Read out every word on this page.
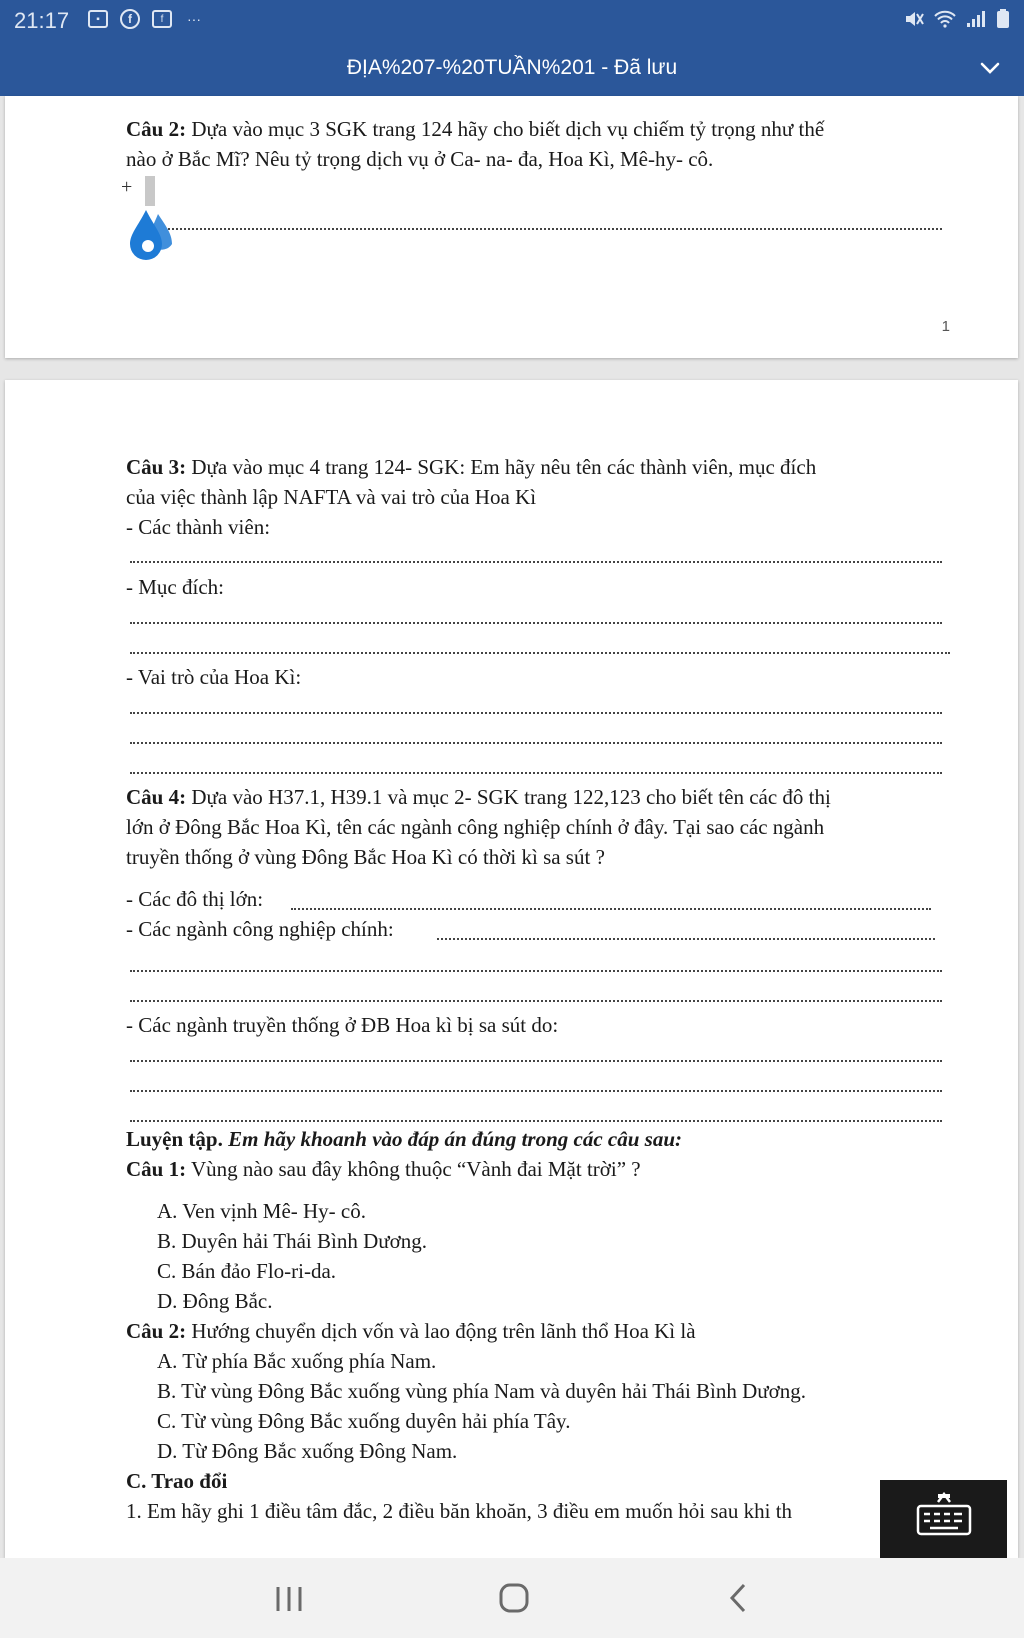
21:17	▪	f	f	···
ĐỊA%207-%20TUẦN%201 - Đã lưu
Câu 2: Dựa vào mục 3 SGK trang 124 hãy cho biết dịch vụ chiếm tỷ trọng như thế
nào ở Bắc Mĩ? Nêu tỷ trọng dịch vụ ở Ca- na- đa, Hoa Kì, Mê-hy- cô.
+
1
Câu 3: Dựa vào mục 4 trang 124- SGK: Em hãy nêu tên các thành viên, mục đích
của việc thành lập NAFTA và vai trò của Hoa Kì
- Các thành viên:
- Mục đích:
- Vai trò của Hoa Kì:
Câu 4: Dựa vào H37.1, H39.1 và mục 2- SGK trang 122,123 cho biết tên các đô thị
lớn ở Đông Bắc Hoa Kì, tên các ngành công nghiệp chính ở đây. Tại sao các ngành
truyền thống ở vùng Đông Bắc Hoa Kì có thời kì sa sút ?
- Các đô thị lớn:
- Các ngành công nghiệp chính:
- Các ngành truyền thống ở ĐB Hoa kì bị sa sút do:
Luyện tập. Em hãy khoanh vào đáp án đúng trong các câu sau:
Câu 1: Vùng nào sau đây không thuộc “Vành đai Mặt trời” ?
A. Ven vịnh Mê- Hy- cô.
B. Duyên hải Thái Bình Dương.
C. Bán đảo Flo-ri-da.
D. Đông Bắc.
Câu 2: Hướng chuyển dịch vốn và lao động trên lãnh thổ Hoa Kì là
A. Từ phía Bắc xuống phía Nam.
B. Từ vùng Đông Bắc xuống vùng phía Nam và duyên hải Thái Bình Dương.
C. Từ vùng Đông Bắc xuống duyên hải phía Tây.
D. Từ Đông Bắc xuống Đông Nam.
C. Trao đổi
1. Em hãy ghi 1 điều tâm đắc, 2 điều băn khoăn, 3 điều em muốn hỏi sau khi th
